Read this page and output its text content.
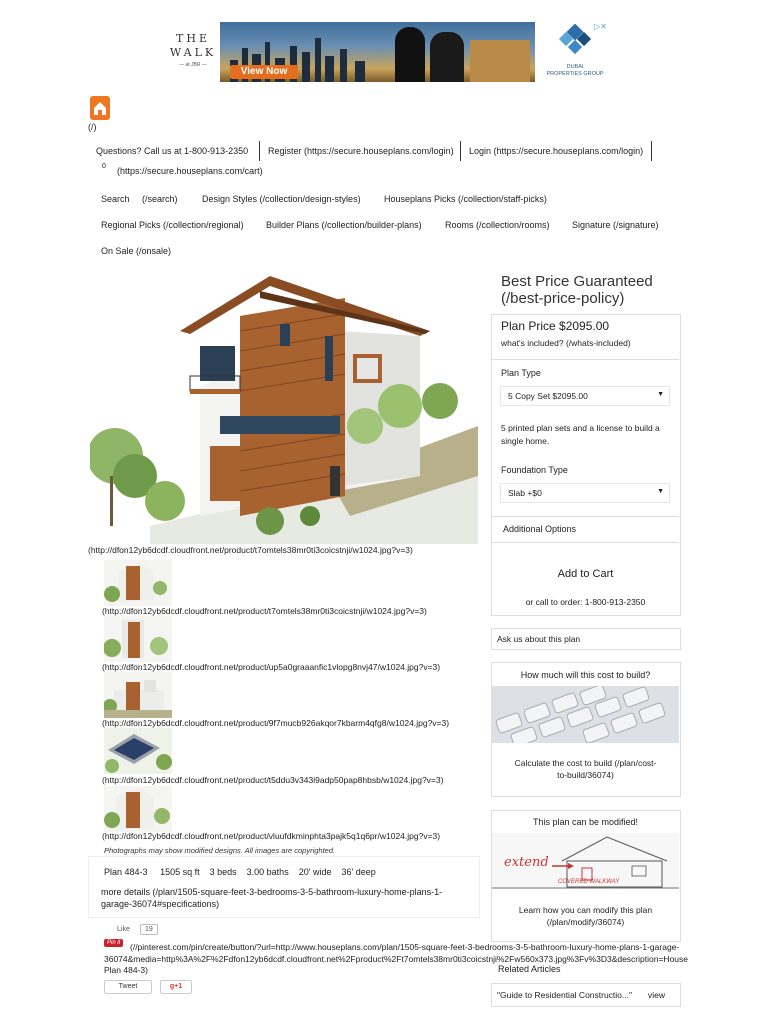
THE
WALK
— at JBR —
View Now	DUBAI
PROPERTIES GROUP
▷✕
(/)
Questions? Call us at 1-800-913-2350 Register (https://secure.houseplans.com/login) Login (https://secure.houseplans.com/login)
0 (https://secure.houseplans.com/cart)
Search (/search)	Design Styles (/collection/design-styles)	Houseplans Picks (/collection/staff-picks)
Regional Picks (/collection/regional) Builder Plans (/collection/builder-plans)	Rooms (/collection/rooms) Signature (/signature)
On Sale (/onsale)
(http://dfon12yb6dcdf.cloudfront.net/product/t7omtels38mr0ti3coicstnji/w1024.jpg?v=3)
(http://dfon12yb6dcdf.cloudfront.net/product/t7omtels38mr0ti3coicstnji/w1024.jpg?v=3)
(http://dfon12yb6dcdf.cloudfront.net/product/up5a0graaanfic1vlopg8nvj47/w1024.jpg?v=3)
(http://dfon12yb6dcdf.cloudfront.net/product/9f7mucb926akqor7kbarm4qfg8/w1024.jpg?v=3)
(http://dfon12yb6dcdf.cloudfront.net/product/t5ddu3v343i9adp50pap8hbsb/w1024.jpg?v=3)
(http://dfon12yb6dcdf.cloudfront.net/product/vluufdkminphta3pajk5q1q6pr/w1024.jpg?v=3)
Photographs may show modified designs. All images are copyrighted.
Plan 484-3 1505 sq ft 3 beds 3.00 baths 20' wide 36' deep
more details (/plan/1505-square-feet-3-bedrooms-3-5-bathroom-luxury-home-plans-1-
garage-36074#specifications)
Like	19
Pin it	(//pinterest.com/pin/create/button/?url=http://www.houseplans.com/plan/1505-square-feet-3-bedrooms-3-5-bathroom-luxury-home-plans-1-garage-
36074&media=http%3A%2F%2Fdfon12yb6dcdf.cloudfront.net%2Fproduct%2Ft7omtels38mr0ti3coicstnji%2Fw560x373.jpg%3Fv%3D3&description=House
Plan 484-3)
Tweet	g+1
Best Price Guaranteed
(/best-price-policy)
Plan Price $2095.00
what's included? (/whats-included)
Plan Type
5 Copy Set $2095.00	▼
5 printed plan sets and a license to build a
single home.
Foundation Type
Slab +$0	▼
Additional Options
Add to Cart
or call to order: 1-800-913-2350
Ask us about this plan
How much will this cost to build?
Calculate the cost to build (/plan/cost-
to-build/36074)
This plan can be modified!
extend
COVERED WALKWAY
Learn how you can modify this plan
(/plan/modify/36074)
Related Articles
"Guide to Residential Constructio..." view
